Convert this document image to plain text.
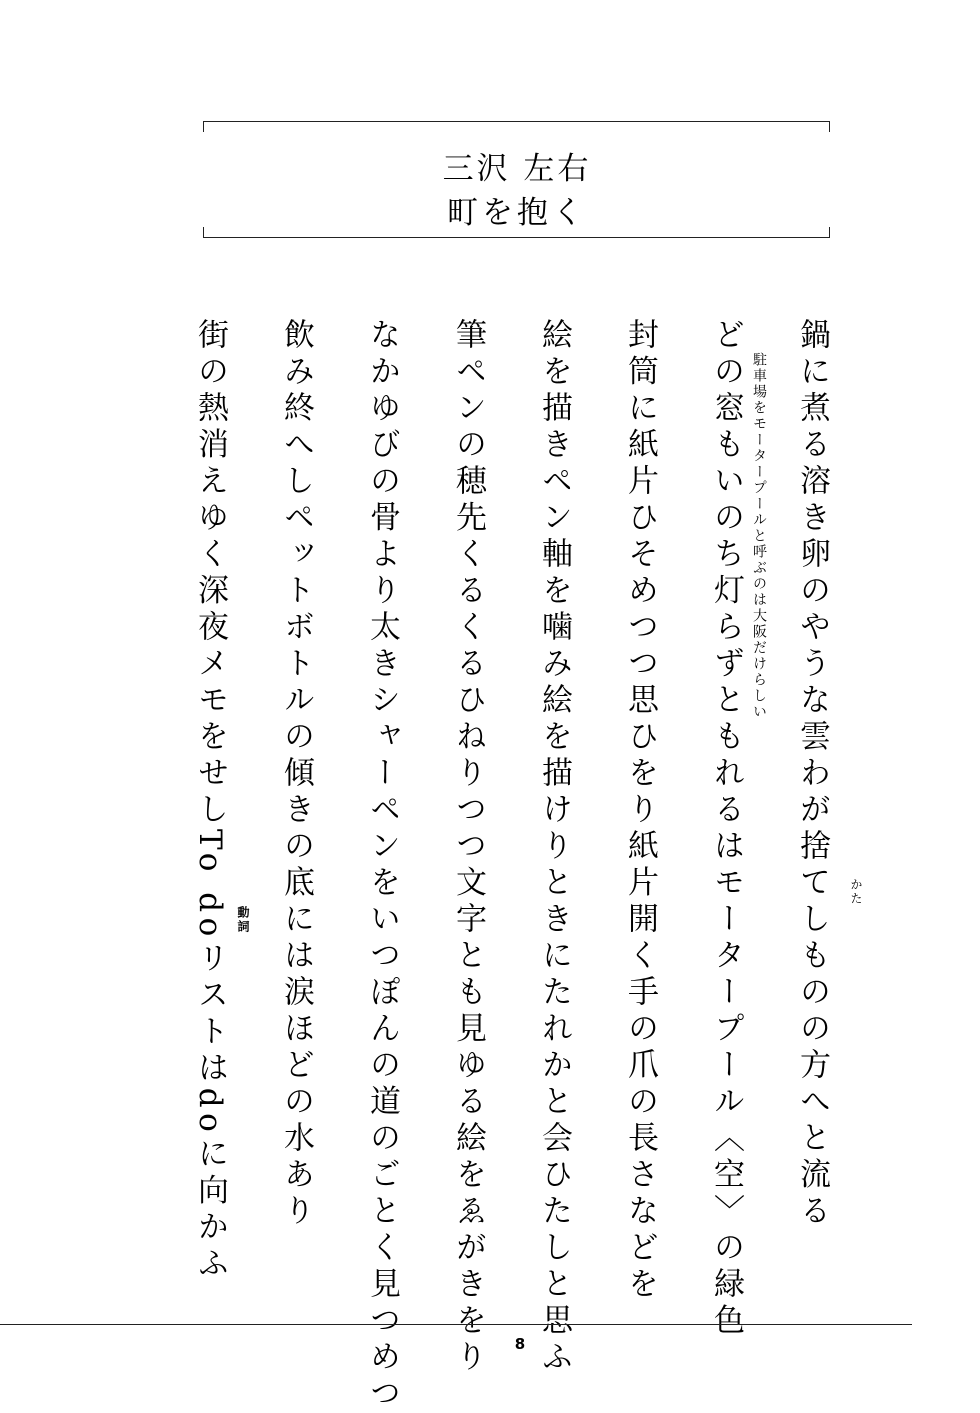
三沢 左右
町を抱く

鍋に煮る溶き卵のやうな雲わが捨てしものの方へと流る

どの窓もいのち灯らずともれるはモータープール〈空〉の緑色

封筒に紙片ひそめつつ思ひをり紙片開く手の爪の長さなどを

絵を描きペン軸を噛み絵を描けりときにたれかと会ひたしと思ふ

筆ペンの穂先くるくるひねりつつ文字とも見ゆる絵をゑがきをり

なかゆびの骨より太きシャーペンをいつぽんの道のごとく見つめつ

飲み終へしペットボトルの傾きの底には涙ほどの水あり

街の熱消えゆく深夜メモをせしTo doリストはdoに向かふ	駐車場をモータープールと呼ぶのは大阪だけらしい
かた
動詞
8
